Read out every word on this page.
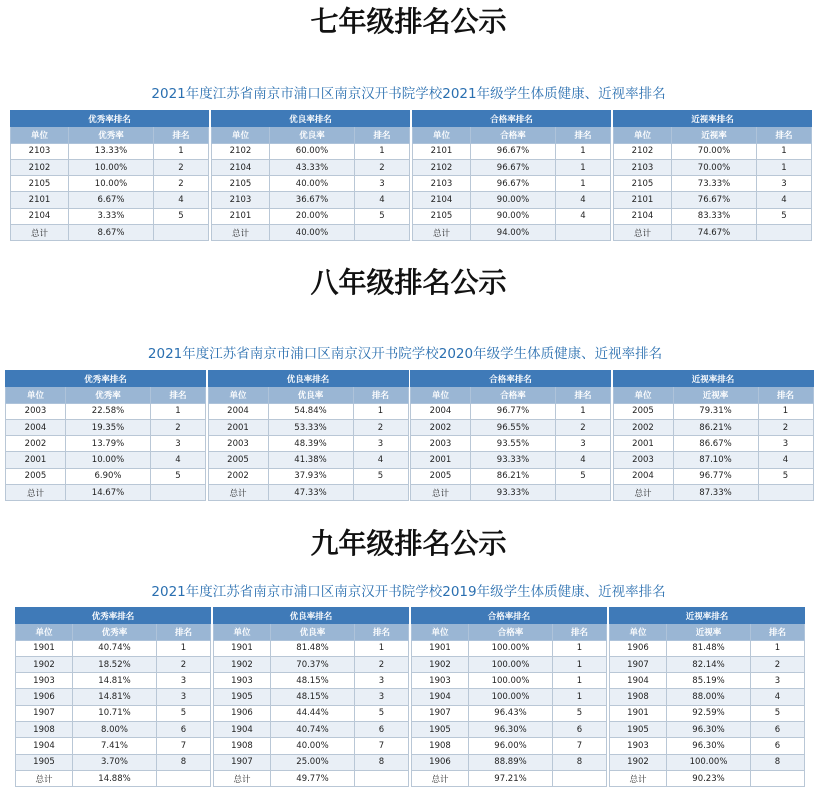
七年级排名公示
2021年度江苏省南京市浦口区南京汉开书院学校2021年级学生体质健康、近视率排名
优秀率排名		
单位	优秀率	排名
2103	13.33%	1
2102	10.00%	2
2105	10.00%	2
2101	6.67%	4
2104	3.33%	5
总计	8.67%	
优良率排名		
单位	优良率	排名
2102	60.00%	1
2104	43.33%	2
2105	40.00%	3
2103	36.67%	4
2101	20.00%	5
总计	40.00%	
合格率排名		
单位	合格率	排名
2101	96.67%	1
2102	96.67%	1
2103	96.67%	1
2104	90.00%	4
2105	90.00%	4
总计	94.00%	
近视率排名		
单位	近视率	排名
2102	70.00%	1
2103	70.00%	1
2105	73.33%	3
2101	76.67%	4
2104	83.33%	5
总计	74.67%	
八年级排名公示
2021年度江苏省南京市浦口区南京汉开书院学校2020年级学生体质健康、近视率排名
优秀率排名		
单位	优秀率	排名
2003	22.58%	1
2004	19.35%	2
2002	13.79%	3
2001	10.00%	4
2005	6.90%	5
总计	14.67%	
优良率排名		
单位	优良率	排名
2004	54.84%	1
2001	53.33%	2
2003	48.39%	3
2005	41.38%	4
2002	37.93%	5
总计	47.33%	
合格率排名		
单位	合格率	排名
2004	96.77%	1
2002	96.55%	2
2003	93.55%	3
2001	93.33%	4
2005	86.21%	5
总计	93.33%	
近视率排名		
单位	近视率	排名
2005	79.31%	1
2002	86.21%	2
2001	86.67%	3
2003	87.10%	4
2004	96.77%	5
总计	87.33%	
九年级排名公示
2021年度江苏省南京市浦口区南京汉开书院学校2019年级学生体质健康、近视率排名
优秀率排名		
单位	优秀率	排名
1901	40.74%	1
1902	18.52%	2
1903	14.81%	3
1906	14.81%	3
1907	10.71%	5
1908	8.00%	6
1904	7.41%	7
1905	3.70%	8
总计	14.88%	
优良率排名		
单位	优良率	排名
1901	81.48%	1
1902	70.37%	2
1903	48.15%	3
1905	48.15%	3
1906	44.44%	5
1904	40.74%	6
1908	40.00%	7
1907	25.00%	8
总计	49.77%	
合格率排名		
单位	合格率	排名
1901	100.00%	1
1902	100.00%	1
1903	100.00%	1
1904	100.00%	1
1907	96.43%	5
1905	96.30%	6
1908	96.00%	7
1906	88.89%	8
总计	97.21%	
近视率排名		
单位	近视率	排名
1906	81.48%	1
1907	82.14%	2
1904	85.19%	3
1908	88.00%	4
1901	92.59%	5
1905	96.30%	6
1903	96.30%	6
1902	100.00%	8
总计	90.23%	
